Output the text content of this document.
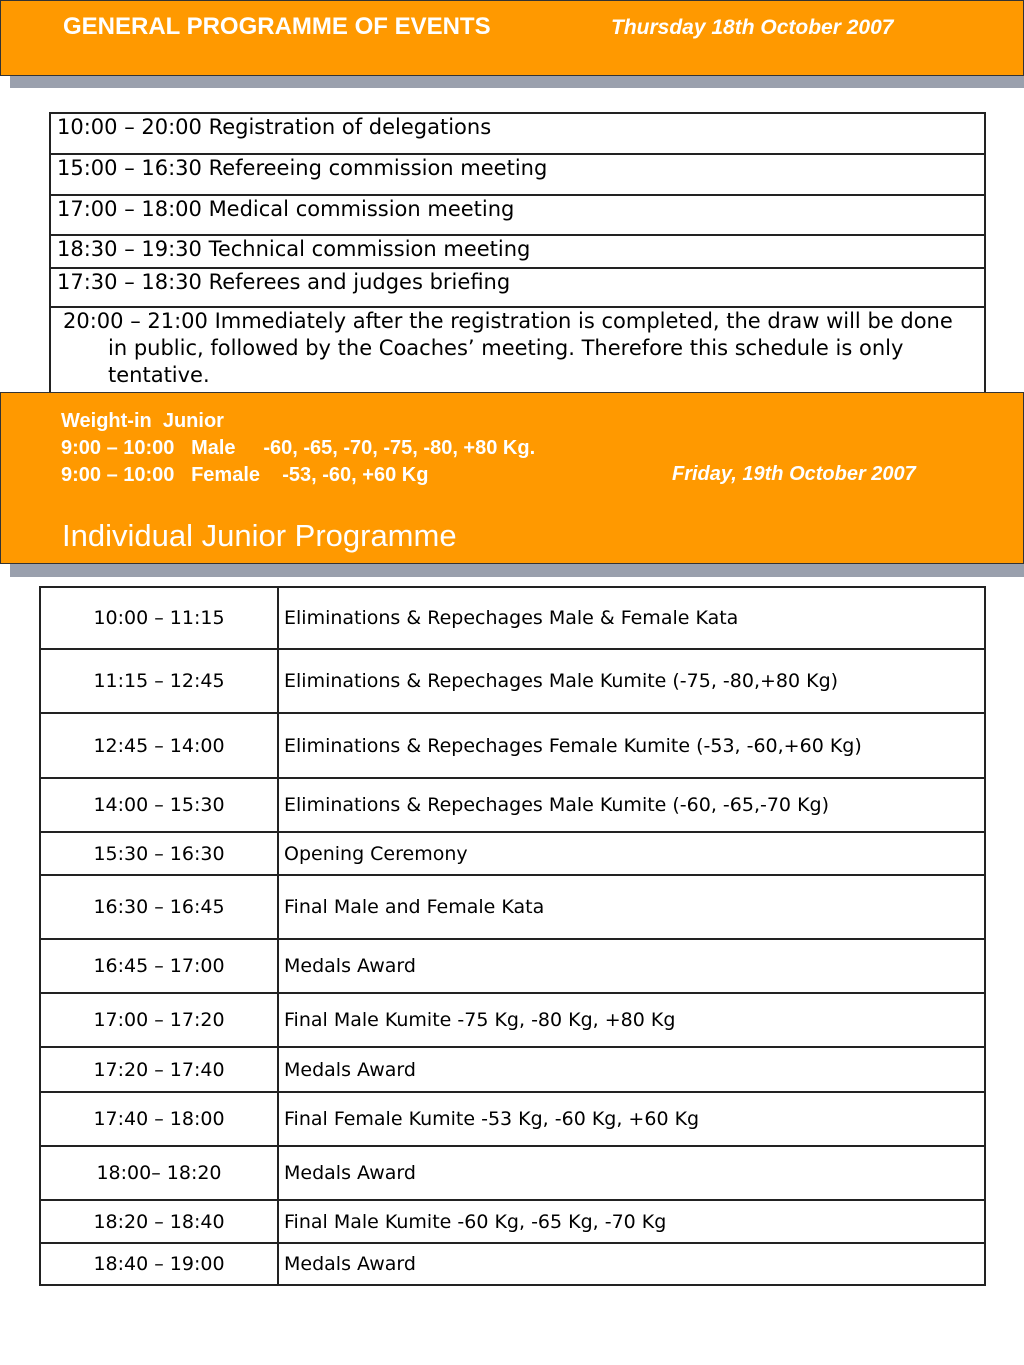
GENERAL PROGRAMME OF EVENTS	Thursday 18th October 2007
10:00 – 20:00 Registration of delegations
15:00 – 16:30 Refereeing commission meeting
17:00 – 18:00 Medical commission meeting
18:30 – 19:30 Technical commission meeting
17:30 – 18:30 Referees and judges briefing

20:00 – 21:00 Immediately after the registration is completed, the draw will be done
in public, followed by the Coaches’ meeting. Therefore this schedule is only
tentative.
Weight-in  Junior
9:00 – 10:00   Male     -60, -65, -70, -75, -80, +80 Kg.
9:00 – 10:00   Female    -53, -60, +60 Kg	Friday, 19th October 2007
Individual Junior Programme
10:00 – 11:15	Eliminations & Repechages Male & Female Kata
11:15 – 12:45	Eliminations & Repechages Male Kumite (-75, -80,+80 Kg)
12:45 – 14:00	Eliminations & Repechages Female Kumite (-53, -60,+60 Kg)
14:00 – 15:30	Eliminations & Repechages Male Kumite (-60, -65,-70 Kg)
15:30 – 16:30	Opening Ceremony
16:30 – 16:45	Final Male and Female Kata
16:45 – 17:00	Medals Award
17:00 – 17:20	Final Male Kumite -75 Kg, -80 Kg, +80 Kg
17:20 – 17:40	Medals Award
17:40 – 18:00	Final Female Kumite -53 Kg, -60 Kg, +60 Kg
18:00– 18:20	Medals Award
18:20 – 18:40	Final Male Kumite -60 Kg, -65 Kg, -70 Kg
18:40 – 19:00	Medals Award
